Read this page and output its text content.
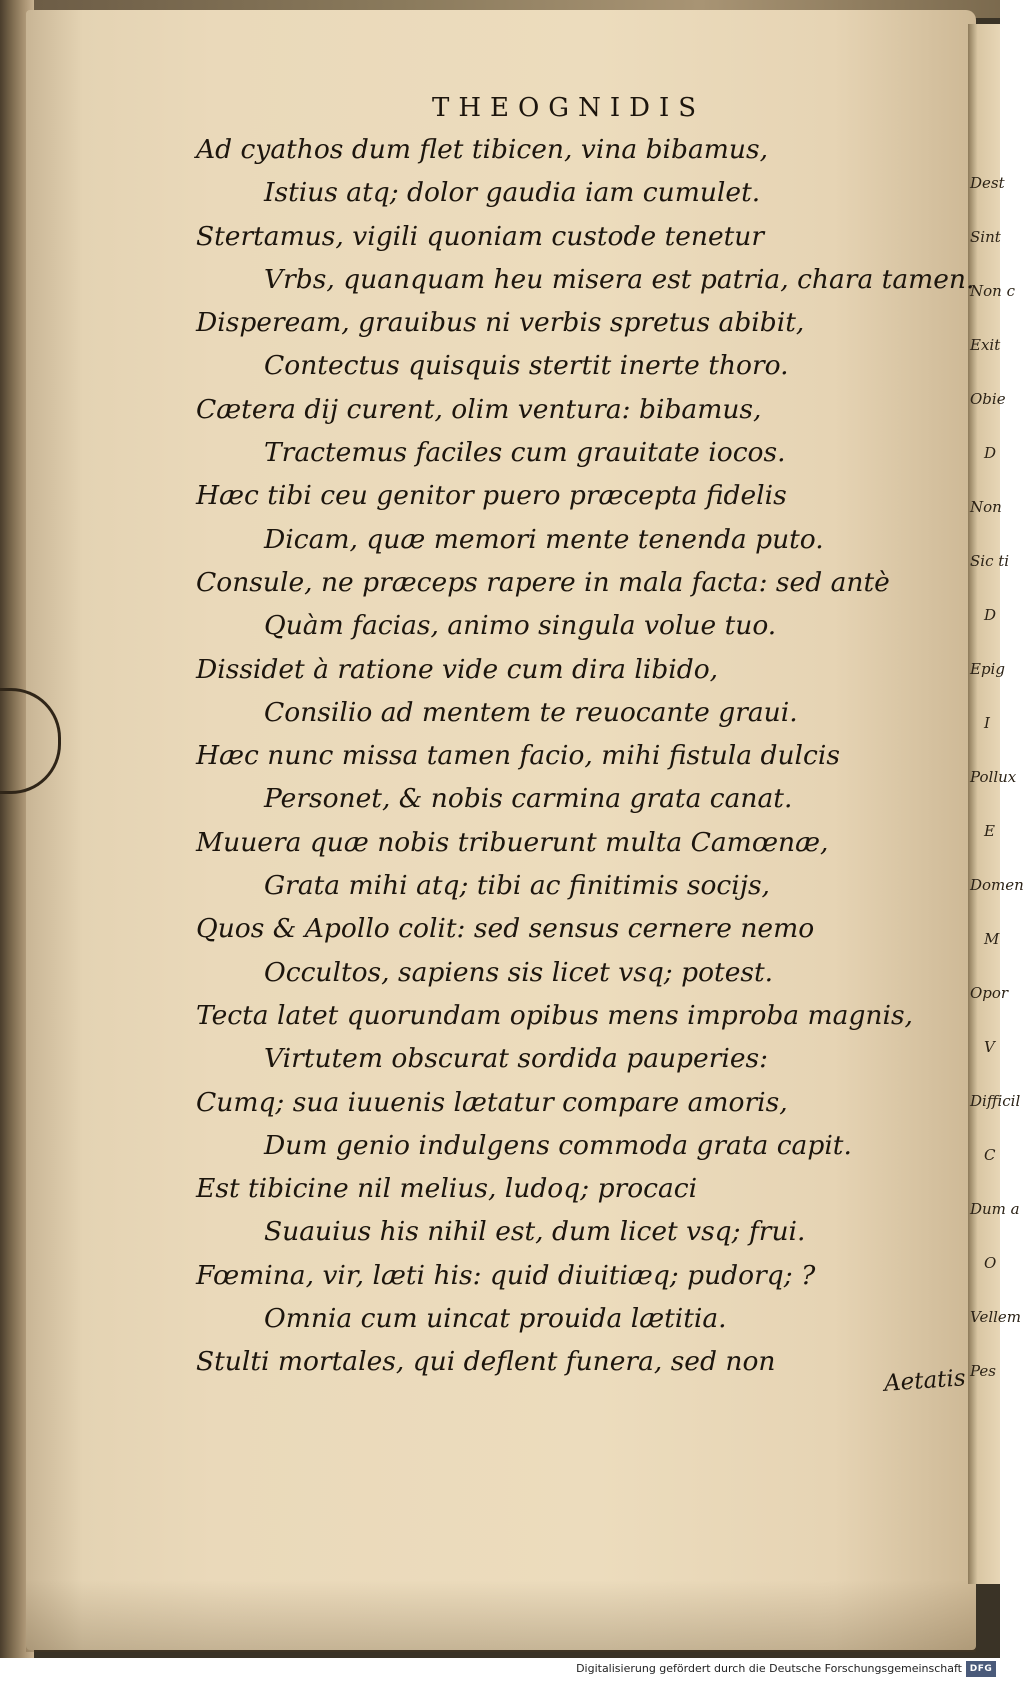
Dest
Sint
Non c
Exit
Obie
D
Non
Sic ti
D
Epig
I
Pollux
E
Domen
M
Opor
V
Difficil
C
Dum a
O
Vellem
Pes
THEOGNIDIS
Ad cyathos dum flet tibicen, vina bibamus,
Istius atq; dolor gaudia iam cumulet.
Stertamus, vigili quoniam custode tenetur
Vrbs, quanquam heu misera est patria, chara tamen.
Dispeream, grauibus ni verbis spretus abibit,
Contectus quisquis stertit inerte thoro.
Cætera dij curent, olim ventura: bibamus,
Tractemus faciles cum grauitate iocos.
Hæc tibi ceu genitor puero præcepta fidelis
Dicam, quæ memori mente tenenda puto.
Consule, ne præceps rapere in mala facta: sed antè
Quàm facias, animo singula volue tuo.
Dissidet à ratione vide cum dira libido,
Consilio ad mentem te reuocante graui.
Hæc nunc missa tamen facio, mihi fistula dulcis
Personet, & nobis carmina grata canat.
Muuera quæ nobis tribuerunt multa Camœnæ,
Grata mihi atq; tibi ac finitimis socijs,
Quos & Apollo colit: sed sensus cernere nemo
Occultos, sapiens sis licet vsq; potest.
Tecta latet quorundam opibus mens improba magnis,
Virtutem obscurat sordida pauperies:
Cumq; sua iuuenis lætatur compare amoris,
Dum genio indulgens commoda grata capit.
Est tibicine nil melius, ludoq; procaci
Suauius his nihil est, dum licet vsq; frui.
Fœmina, vir, læti his: quid diuitiæq; pudorq; ?
Omnia cum uincat prouida lætitia.
Stulti mortales, qui deflent funera, sed non
Aetatis
Digitalisierung gefördert durch die Deutsche Forschungsgemeinschaft DFG
